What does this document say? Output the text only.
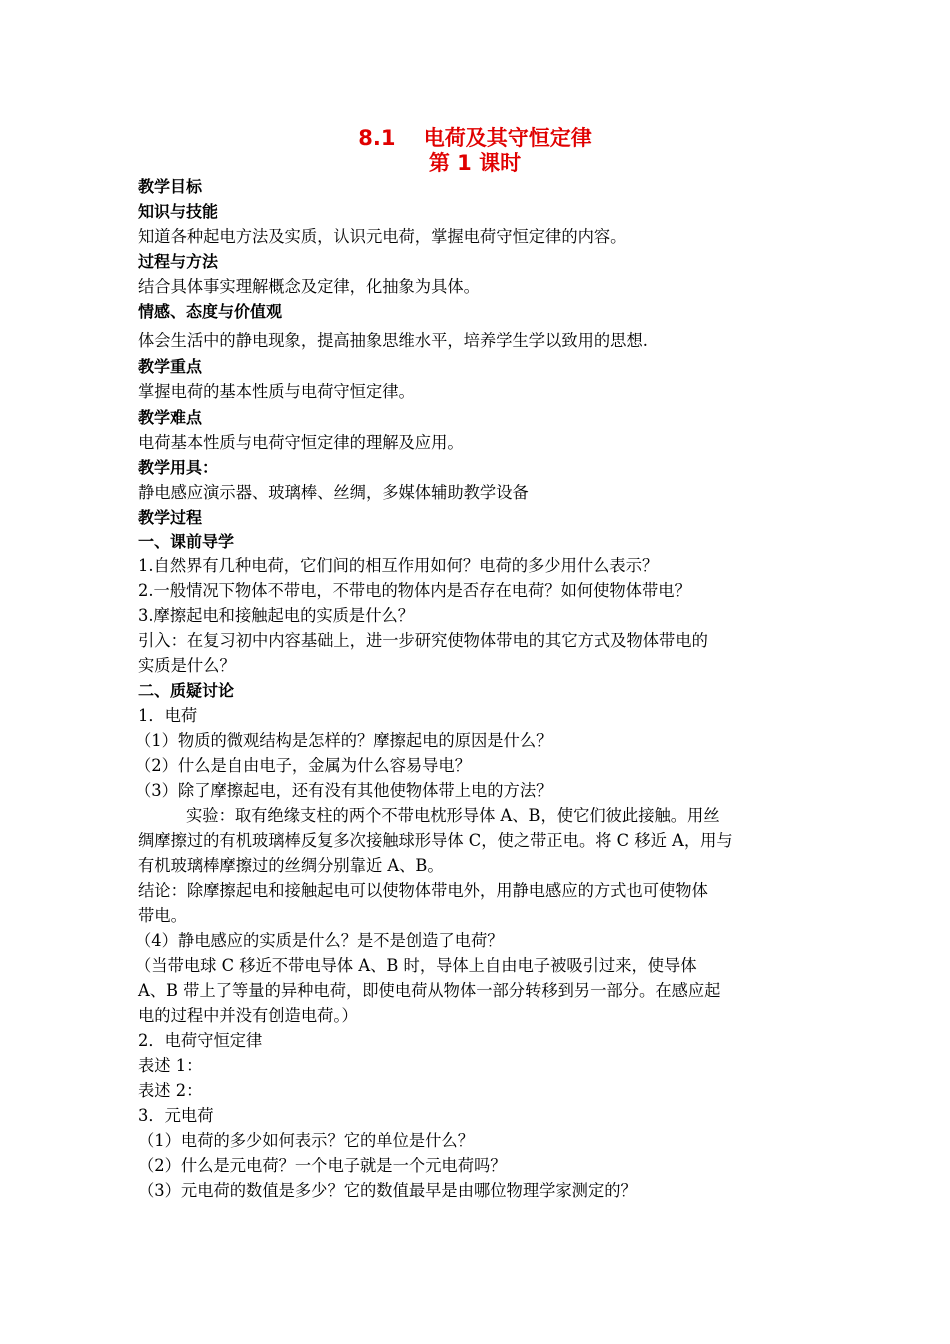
8.1　 电荷及其守恒定律
第 1 课时
教学目标
知识与技能
知道各种起电方法及实质，认识元电荷，掌握电荷守恒定律的内容。
过程与方法
结合具体事实理解概念及定律，化抽象为具体。
情感、态度与价值观
体会生活中的静电现象，提高抽象思维水平，培养学生学以致用的思想.
教学重点
掌握电荷的基本性质与电荷守恒定律。
教学难点
电荷基本性质与电荷守恒定律的理解及应用。
教学用具：
静电感应演示器、玻璃棒、丝绸，多媒体辅助教学设备
教学过程
一、课前导学
1.自然界有几种电荷，它们间的相互作用如何？电荷的多少用什么表示？
2.一般情况下物体不带电，不带电的物体内是否存在电荷？如何使物体带电？
3.摩擦起电和接触起电的实质是什么？
引入：在复习初中内容基础上，进一步研究使物体带电的其它方式及物体带电的
实质是什么？
二、质疑讨论
1．电荷
（1）物质的微观结构是怎样的？摩擦起电的原因是什么？
（2）什么是自由电子，金属为什么容易导电？
（3）除了摩擦起电，还有没有其他使物体带上电的方法？
实验：取有绝缘支柱的两个不带电枕形导体 A、B，使它们彼此接触。用丝
绸摩擦过的有机玻璃棒反复多次接触球形导体 C，使之带正电。将 C 移近 A，用与
有机玻璃棒摩擦过的丝绸分别靠近 A、B。
结论：除摩擦起电和接触起电可以使物体带电外，用静电感应的方式也可使物体
带电。
（4）静电感应的实质是什么？是不是创造了电荷？
（当带电球 C 移近不带电导体 A、B 时，导体上自由电子被吸引过来，使导体
A、B 带上了等量的异种电荷，即使电荷从物体一部分转移到另一部分。在感应起
电的过程中并没有创造电荷。）
2．电荷守恒定律
表述 1：
表述 2：
3．元电荷
（1）电荷的多少如何表示？它的单位是什么？
（2）什么是元电荷？一个电子就是一个元电荷吗？
（3）元电荷的数值是多少？它的数值最早是由哪位物理学家测定的？
